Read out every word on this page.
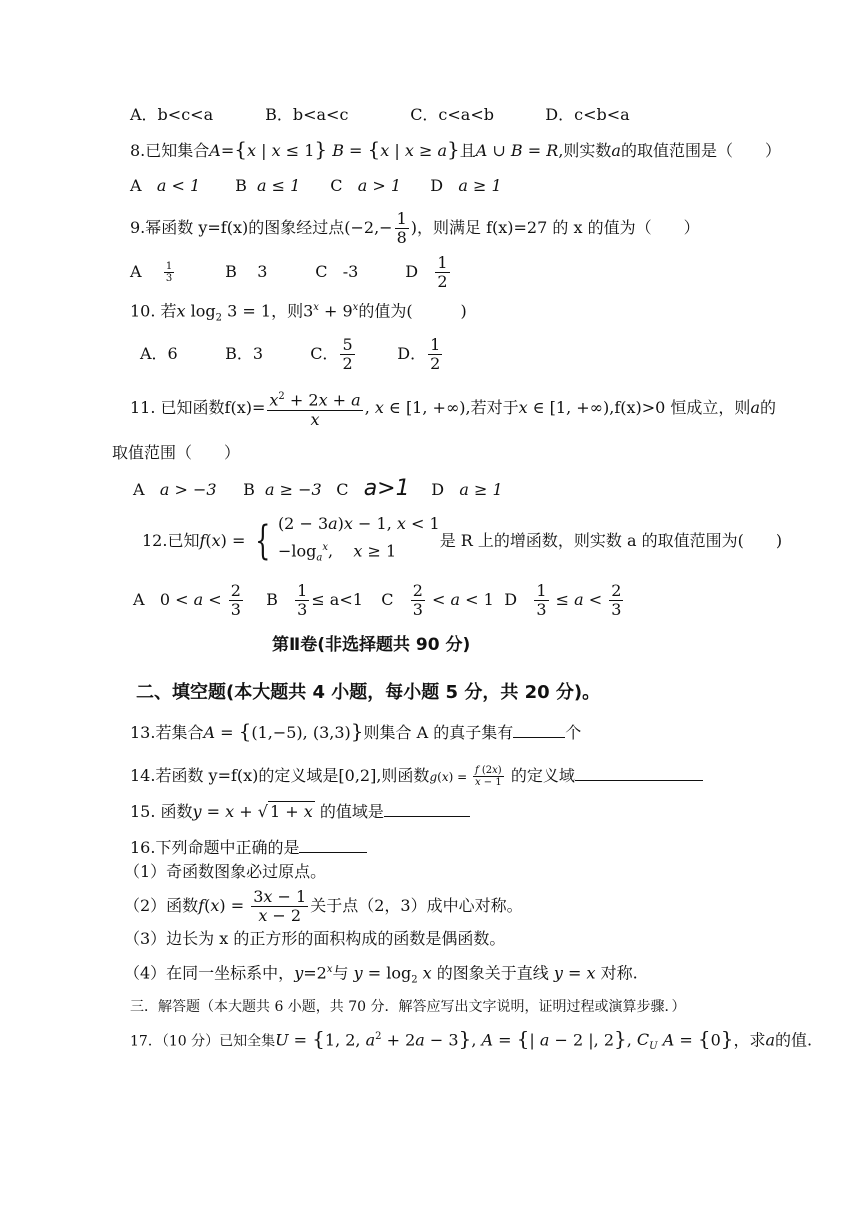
A．b<c<a	B．b<a<c	C．c<a<b	D．c<b<a
8.已知集合A={x | x ≤ 1} B = {x | x ≥ a}且A ∪ B = R,则实数a的取值范围是（　　）
A a < 1 B a ≤ 1 C a > 1 D a ≥ 1
9.幂函数 y=f(x)的图象经过点($-2,- \frac{1}{8}$ )，则满足 f(x)=27 的 x 的值为（　　）
A $\frac{1}{3}$	B 3	C -3	D $\frac{1}{2}$
10. 若x $\log_2 3 = 1$，则$3^x + 9^x$的值为(　　　)
A．6	B．3	C． $\frac{5}{2}$	D． $\frac{1}{2}$
11. 已知函数$f(x)= \frac{x^2 + 2x + a}{x}$ , x ∈ [1, +∞),若对于x ∈ [1, +∞),f(x)>0 恒成立，则a的
取值范围（　　）
A a > −3 B a ≥ −3 C a>1 D a ≥ 1
12.已知f(x) = { (2 − 3a)x − 1, x < 1
$-\log_a^x$,    x ≥ 1
是 R 上的增函数，则实数 a 的取值范围为(　　)
A   $0 < a < \frac{2}{3}$ B $\frac{1}{3} \le a<1$ C $\frac{2}{3} < a < 1$ D $\frac{1}{3} \le a < \frac{2}{3}$
第Ⅱ卷(非选择题共 90 分)
二、填空题(本大题共 4 小题，每小题 5 分，共 20 分)。
13.若集合A = {(1,−5), (3,3)}则集合 A 的真子集有	个
14.若函数 y=f(x)的定义域是[0,2],则函数$g(x) = \frac{f (2x)}{x - 1}$ 的定义域
15. 函数y = x + √ 1 + x 的值域是
16.下列命题中正确的是
（1）奇函数图象必过原点。
（2）函数$f(x) = \frac{3x - 1}{x - 2}$ 关于点（2，3）成中心对称。
（3）边长为 x 的正方形的面积构成的函数是偶函数。
（4）在同一坐标系中，$y=2^x$与 $y = \log_2 x$ 的图象关于直线 y = x 对称.
三．解答题（本大题共 6 小题，共 70 分．解答应写出文字说明，证明过程或演算步骤．）
17．（10 分）已知全集U = {1, 2, $a^2 + 2a - 3$}, A = {| a − 2 |, 2}, $C_U$ A = {0}，求a的值.
